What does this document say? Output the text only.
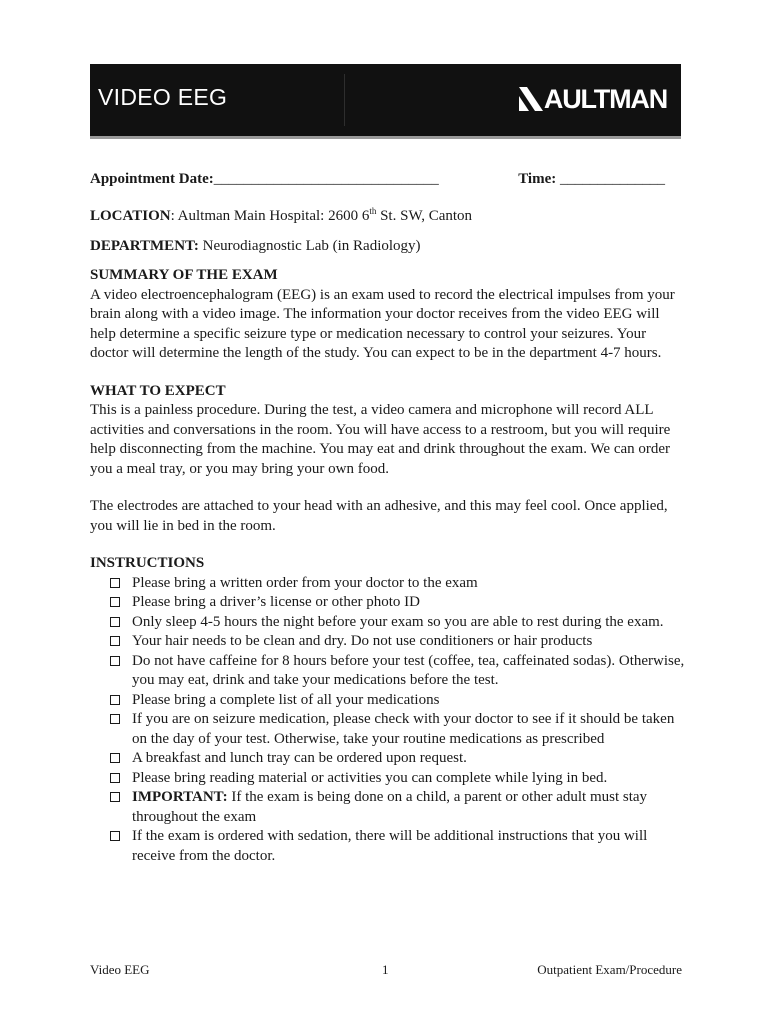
VIDEO EEG	AULTMAN
Appointment Date:______________________________	Time: ______________
LOCATION: Aultman Main Hospital: 2600 6th St. SW, Canton
DEPARTMENT: Neurodiagnostic Lab (in Radiology)
SUMMARY OF THE EXAM

A video electroencephalogram (EEG) is an exam used to record the electrical impulses from your brain along with a video image. The information your doctor receives from the video EEG will help determine a specific seizure type or medication necessary to control your seizures. Your doctor will determine the length of the study. You can expect to be in the department 4-7 hours.

WHAT TO EXPECT

This is a painless procedure. During the test, a video camera and microphone will record ALL activities and conversations in the room. You will have access to a restroom, but you will require help disconnecting from the machine. You may eat and drink throughout the exam. We can order you a meal tray, or you may bring your own food.

The electrodes are attached to your head with an adhesive, and this may feel cool. Once applied, you will lie in bed in the room.

INSTRUCTIONS
Please bring a written order from your doctor to the exam
Please bring a driver’s license or other photo ID
Only sleep 4-5 hours the night before your exam so you are able to rest during the exam.
Your hair needs to be clean and dry. Do not use conditioners or hair products
Do not have caffeine for 8 hours before your test (coffee, tea, caffeinated sodas). Otherwise, you may eat, drink and take your medications before the test.
Please bring a complete list of all your medications
If you are on seizure medication, please check with your doctor to see if it should be taken on the day of your test. Otherwise, take your routine medications as prescribed
A breakfast and lunch tray can be ordered upon request.
Please bring reading material or activities you can complete while lying in bed.
IMPORTANT: If the exam is being done on a child, a parent or other adult must stay throughout the exam
If the exam is ordered with sedation, there will be additional instructions that you will receive from the doctor.
Video EEG	1	Outpatient Exam/Procedure
